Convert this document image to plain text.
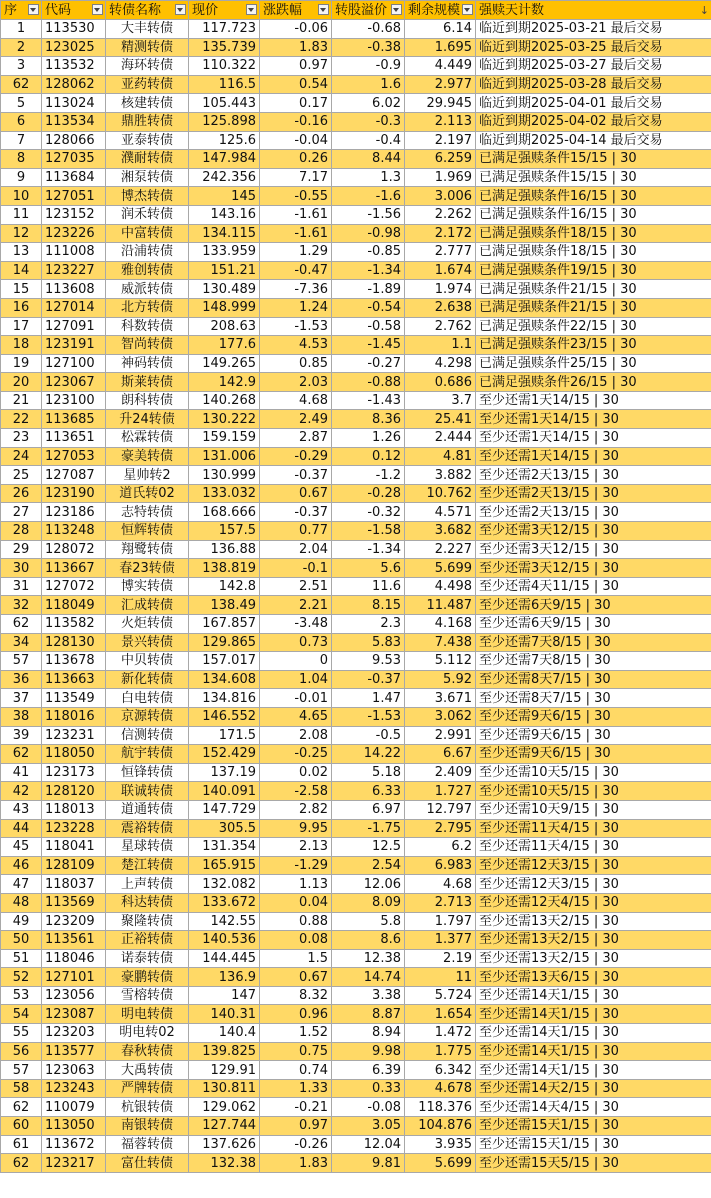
序	代码	转债名称	现价	涨跌幅	转股溢价	剩余规模	强赎天计数 ↓

1	113530	大丰转债	117.723	-0.06	-0.68	6.14	临近到期2025-03-21 最后交易
2	123025	精测转债	135.739	1.83	-0.38	1.695	临近到期2025-03-25 最后交易
3	113532	海环转债	110.322	0.97	-0.9	4.449	临近到期2025-03-27 最后交易
62	128062	亚药转债	116.5	0.54	1.6	2.977	临近到期2025-03-28 最后交易
5	113024	核建转债	105.443	0.17	6.02	29.945	临近到期2025-04-01 最后交易
6	113534	鼎胜转债	125.898	-0.16	-0.3	2.113	临近到期2025-04-02 最后交易
7	128066	亚泰转债	125.6	-0.04	-0.4	2.197	临近到期2025-04-14 最后交易
8	127035	濮耐转债	147.984	0.26	8.44	6.259	已满足强赎条件15/15 | 30
9	113684	湘泵转债	242.356	7.17	1.3	1.969	已满足强赎条件15/15 | 30
10	127051	博杰转债	145	-0.55	-1.6	3.006	已满足强赎条件16/15 | 30
11	123152	润禾转债	143.16	-1.61	-1.56	2.262	已满足强赎条件16/15 | 30
12	123226	中富转债	134.115	-1.61	-0.98	2.172	已满足强赎条件18/15 | 30
13	111008	沿浦转债	133.959	1.29	-0.85	2.777	已满足强赎条件18/15 | 30
14	123227	雅创转债	151.21	-0.47	-1.34	1.674	已满足强赎条件19/15 | 30
15	113608	威派转债	130.489	-7.36	-1.89	1.974	已满足强赎条件21/15 | 30
16	127014	北方转债	148.999	1.24	-0.54	2.638	已满足强赎条件21/15 | 30
17	127091	科数转债	208.63	-1.53	-0.58	2.762	已满足强赎条件22/15 | 30
18	123191	智尚转债	177.6	4.53	-1.45	1.1	已满足强赎条件23/15 | 30
19	127100	神码转债	149.265	0.85	-0.27	4.298	已满足强赎条件25/15 | 30
20	123067	斯莱转债	142.9	2.03	-0.88	0.686	已满足强赎条件26/15 | 30
21	123100	朗科转债	140.268	4.68	-1.43	3.7	至少还需1天14/15 | 30
22	113685	升24转债	130.222	2.49	8.36	25.41	至少还需1天14/15 | 30
23	113651	松霖转债	159.159	2.87	1.26	2.444	至少还需1天14/15 | 30
24	127053	豪美转债	131.006	-0.29	0.12	4.81	至少还需1天14/15 | 30
25	127087	星帅转2	130.999	-0.37	-1.2	3.882	至少还需2天13/15 | 30
26	123190	道氏转02	133.032	0.67	-0.28	10.762	至少还需2天13/15 | 30
27	123186	志特转债	168.666	-0.37	-0.32	4.571	至少还需2天13/15 | 30
28	113248	恒辉转债	157.5	0.77	-1.58	3.682	至少还需3天12/15 | 30
29	128072	翔鹭转债	136.88	2.04	-1.34	2.227	至少还需3天12/15 | 30
30	113667	春23转债	138.819	-0.1	5.6	5.699	至少还需3天12/15 | 30
31	127072	博实转债	142.8	2.51	11.6	4.498	至少还需4天11/15 | 30
32	118049	汇成转债	138.49	2.21	8.15	11.487	至少还需6天9/15 | 30
62	113582	火炬转债	167.857	-3.48	2.3	4.168	至少还需6天9/15 | 30
34	128130	景兴转债	129.865	0.73	5.83	7.438	至少还需7天8/15 | 30
57	113678	中贝转债	157.017	0	9.53	5.112	至少还需7天8/15 | 30
36	113663	新化转债	134.608	1.04	-0.37	5.92	至少还需8天7/15 | 30
37	113549	白电转债	134.816	-0.01	1.47	3.671	至少还需8天7/15 | 30
38	118016	京源转债	146.552	4.65	-1.53	3.062	至少还需9天6/15 | 30
39	123231	信测转债	171.5	2.08	-0.5	2.991	至少还需9天6/15 | 30
62	118050	航宇转债	152.429	-0.25	14.22	6.67	至少还需9天6/15 | 30
41	123173	恒锋转债	137.19	0.02	5.18	2.409	至少还需10天5/15 | 30
42	128120	联诚转债	140.091	-2.58	6.33	1.727	至少还需10天5/15 | 30
43	118013	道通转债	147.729	2.82	6.97	12.797	至少还需10天9/15 | 30
44	123228	震裕转债	305.5	9.95	-1.75	2.795	至少还需11天4/15 | 30
45	118041	星球转债	131.354	2.13	12.5	6.2	至少还需11天4/15 | 30
46	128109	楚江转债	165.915	-1.29	2.54	6.983	至少还需12天3/15 | 30
47	118037	上声转债	132.082	1.13	12.06	4.68	至少还需12天3/15 | 30
48	113569	科达转债	133.672	0.04	8.09	2.713	至少还需12天4/15 | 30
49	123209	聚隆转债	142.55	0.88	5.8	1.797	至少还需13天2/15 | 30
50	113561	正裕转债	140.536	0.08	8.6	1.377	至少还需13天2/15 | 30
51	118046	诺泰转债	144.445	1.5	12.38	2.19	至少还需13天2/15 | 30
52	127101	豪鹏转债	136.9	0.67	14.74	11	至少还需13天6/15 | 30
53	123056	雪榕转债	147	8.32	3.38	5.724	至少还需14天1/15 | 30
54	123087	明电转债	140.31	0.96	8.87	1.654	至少还需14天1/15 | 30
55	123203	明电转02	140.4	1.52	8.94	1.472	至少还需14天1/15 | 30
56	113577	春秋转债	139.825	0.75	9.98	1.775	至少还需14天1/15 | 30
57	123063	大禹转债	129.91	0.74	6.39	6.342	至少还需14天1/15 | 30
58	123243	严牌转债	130.811	1.33	0.33	4.678	至少还需14天2/15 | 30
62	110079	杭银转债	129.062	-0.21	-0.08	118.376	至少还需14天4/15 | 30
60	113050	南银转债	127.744	0.97	3.05	104.876	至少还需15天1/15 | 30
61	113672	福蓉转债	137.626	-0.26	12.04	3.935	至少还需15天1/15 | 30
62	123217	富仕转债	132.38	1.83	9.81	5.699	至少还需15天5/15 | 30
